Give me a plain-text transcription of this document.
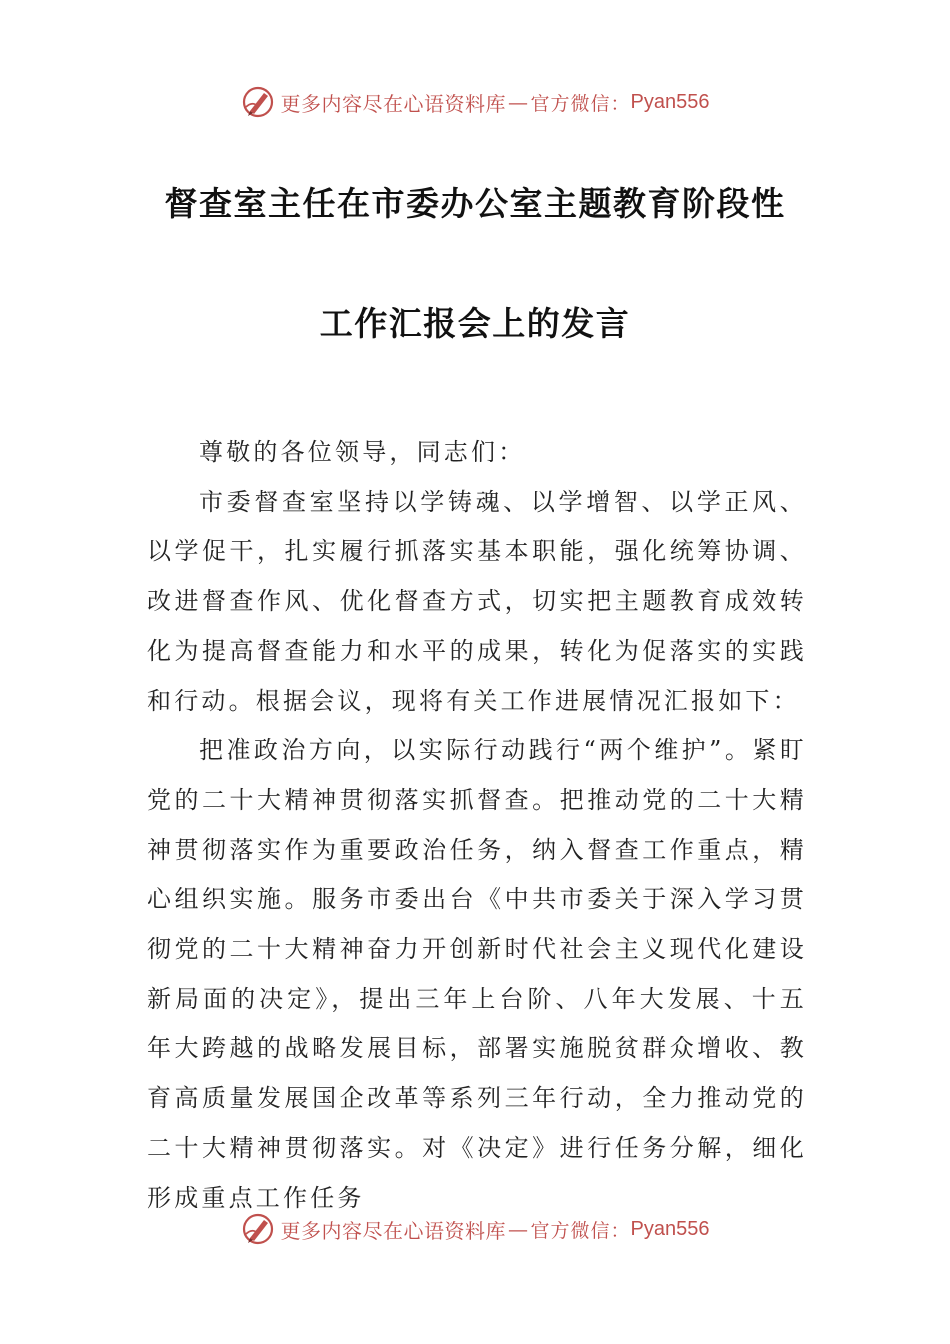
更多内容尽在心语资料库 — 官方微信： Pyan556
督查室主任在市委办公室主题教育阶段性
工作汇报会上的发言

尊敬的各位领导，同志们：

市委督查室坚持以学铸魂、以学增智、以学正风、以学促干，扎实履行抓落实基本职能，强化统筹协调、改进督查作风、优化督查方式，切实把主题教育成效转化为提高督查能力和水平的成果，转化为促落实的实践和行动。根据会议，现将有关工作进展情况汇报如下：

把准政治方向，以实际行动践行“两个维护”。紧盯党的二十大精神贯彻落实抓督查。把推动党的二十大精神贯彻落实作为重要政治任务，纳入督查工作重点，精心组织实施。服务市委出台《中共市委关于深入学习贯彻党的二十大精神奋力开创新时代社会主义现代化建设新局面的决定》，提出三年上台阶、八年大发展、十五年大跨越的战略发展目标，部署实施脱贫群众增收、教育高质量发展国企改革等系列三年行动，全力推动党的二十大精神贯彻落实。对《决定》进行任务分解，细化形成重点工作任务

更多内容尽在心语资料库 — 官方微信： Pyan556
